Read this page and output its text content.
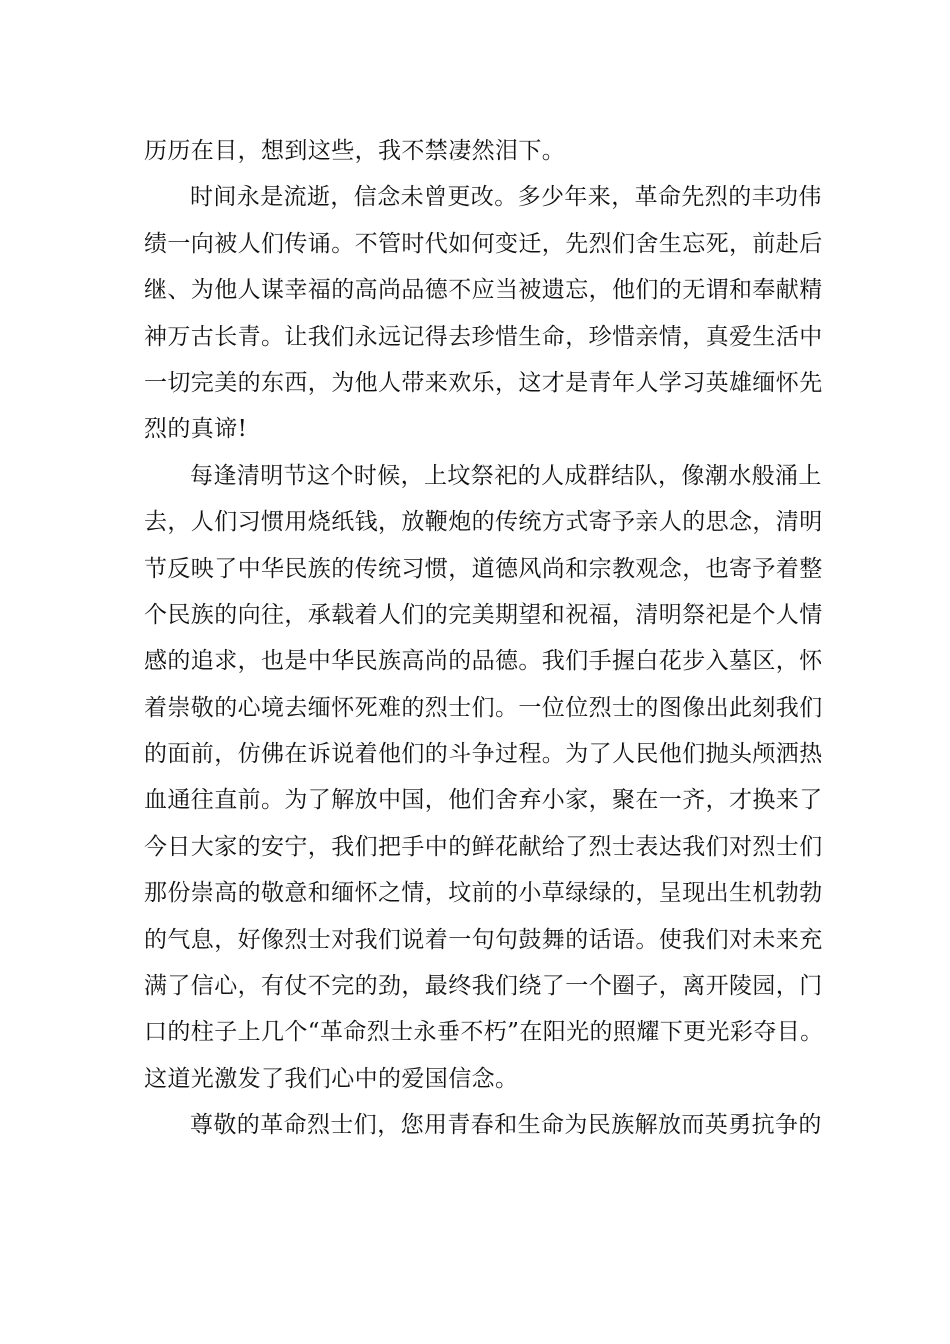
历历在目，想到这些，我不禁凄然泪下。
时间永是流逝，信念未曾更改。多少年来，革命先烈的丰功伟
绩一向被人们传诵。不管时代如何变迁，先烈们舍生忘死，前赴后
继、为他人谋幸福的高尚品德不应当被遗忘，他们的无谓和奉献精
神万古长青。让我们永远记得去珍惜生命，珍惜亲情，真爱生活中
一切完美的东西，为他人带来欢乐，这才是青年人学习英雄缅怀先
烈的真谛!
每逢清明节这个时候，上坟祭祀的人成群结队，像潮水般涌上
去，人们习惯用烧纸钱，放鞭炮的传统方式寄予亲人的思念，清明
节反映了中华民族的传统习惯，道德风尚和宗教观念，也寄予着整
个民族的向往，承载着人们的完美期望和祝福，清明祭祀是个人情
感的追求，也是中华民族高尚的品德。我们手握白花步入墓区，怀
着崇敬的心境去缅怀死难的烈士们。一位位烈士的图像出此刻我们
的面前，仿佛在诉说着他们的斗争过程。为了人民他们抛头颅洒热
血通往直前。为了解放中国，他们舍弃小家，聚在一齐，才换来了
今日大家的安宁，我们把手中的鲜花献给了烈士表达我们对烈士们
那份崇高的敬意和缅怀之情，坟前的小草绿绿的，呈现出生机勃勃
的气息，好像烈士对我们说着一句句鼓舞的话语。使我们对未来充
满了信心，有仗不完的劲，最终我们绕了一个圈子，离开陵园，门
口的柱子上几个“革命烈士永垂不朽”在阳光的照耀下更光彩夺目。
这道光激发了我们心中的爱国信念。
尊敬的革命烈士们，您用青春和生命为民族解放而英勇抗争的
